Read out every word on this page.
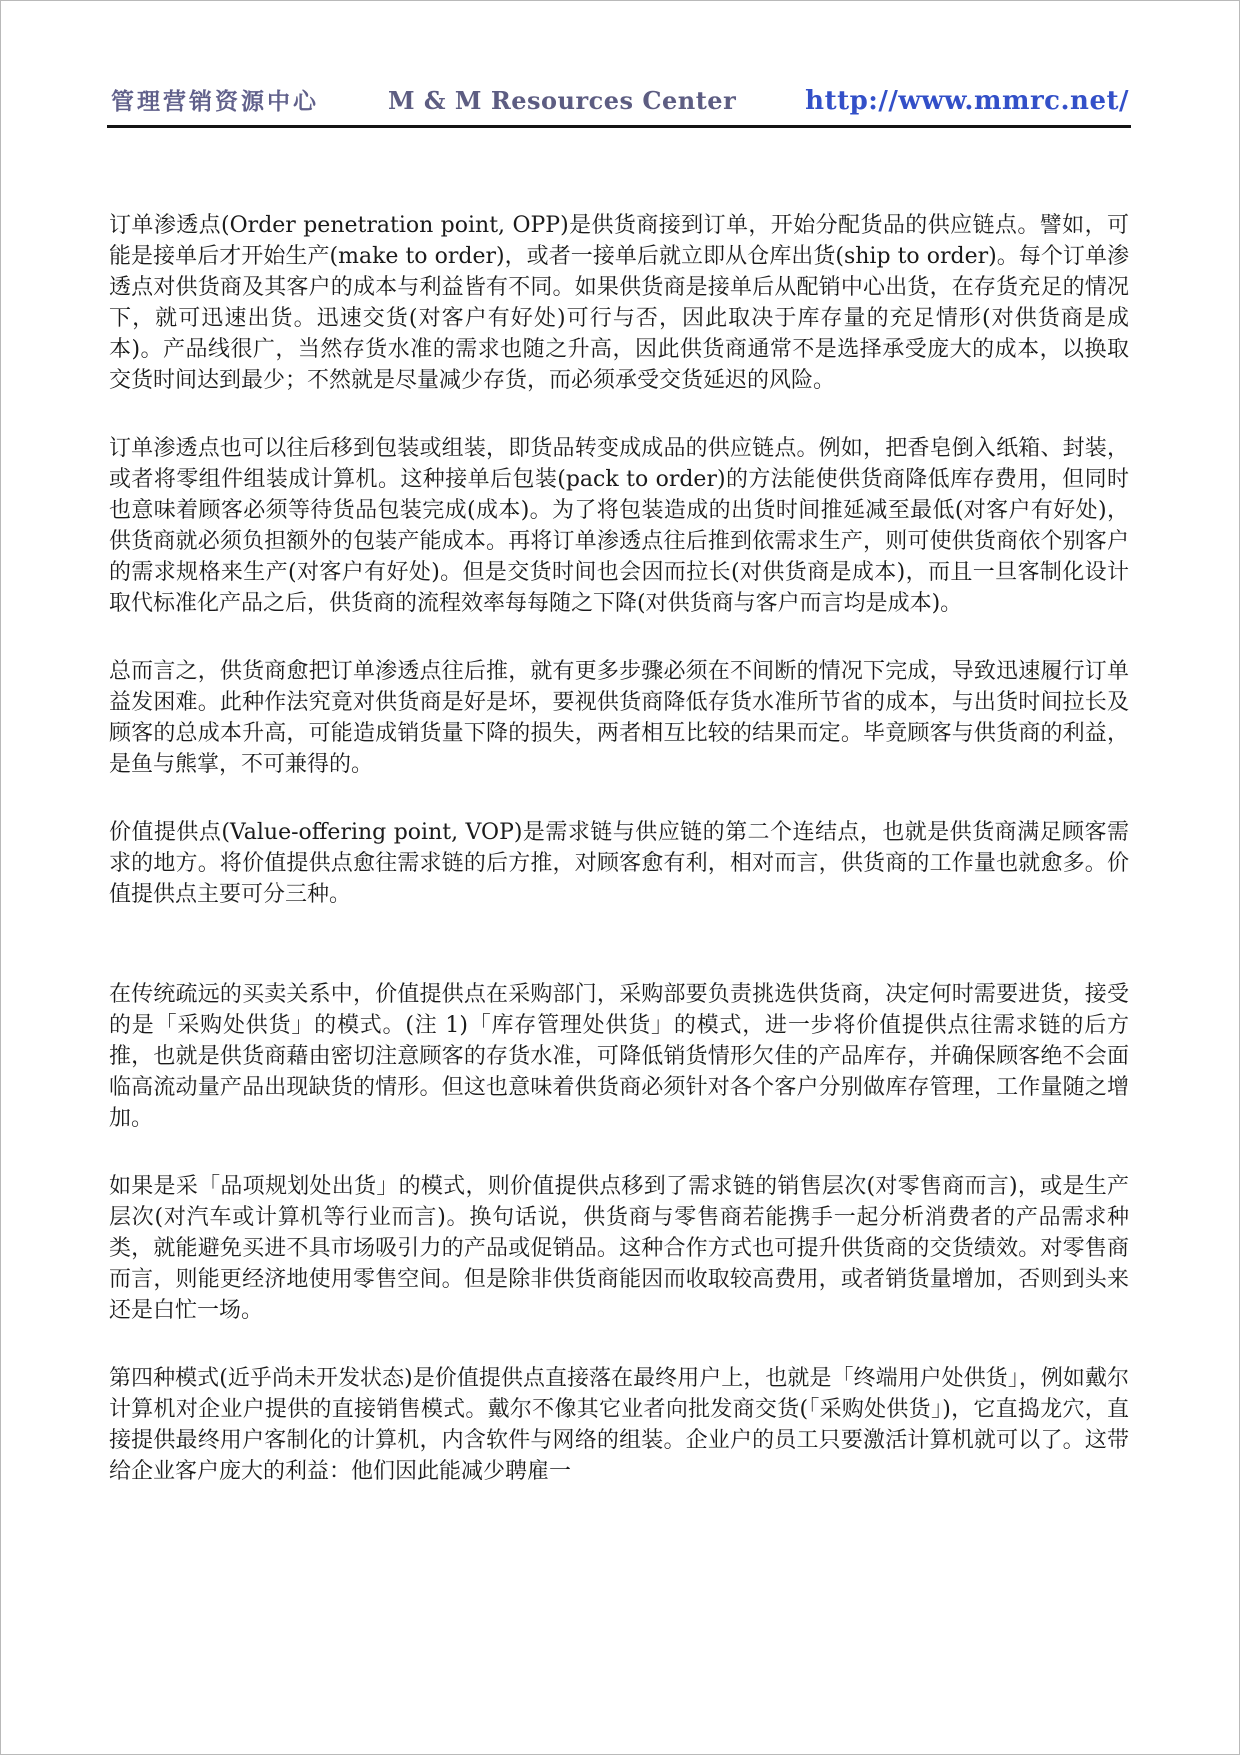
管理营销资源中心	M & M Resources Center	http://www.mmrc.net/

订单渗透点(Order penetration point, OPP)是供货商接到订单，开始分配货品的供应链点。譬如，可能是接单后才开始生产(make to order)，或者一接单后就立即从仓库出货(ship to order)。每个订单渗透点对供货商及其客户的成本与利益皆有不同。如果供货商是接单后从配销中心出货，在存货充足的情况下，就可迅速出货。迅速交货(对客户有好处)可行与否，因此取决于库存量的充足情形(对供货商是成本)。产品线很广，当然存货水准的需求也随之升高，因此供货商通常不是选择承受庞大的成本，以换取交货时间达到最少；不然就是尽量减少存货，而必须承受交货延迟的风险。

订单渗透点也可以往后移到包装或组装，即货品转变成成品的供应链点。例如，把香皂倒入纸箱、封装，或者将零组件组装成计算机。这种接单后包装(pack to order)的方法能使供货商降低库存费用，但同时也意味着顾客必须等待货品包装完成(成本)。为了将包装造成的出货时间推延减至最低(对客户有好处)，供货商就必须负担额外的包装产能成本。再将订单渗透点往后推到依需求生产，则可使供货商依个别客户的需求规格来生产(对客户有好处)。但是交货时间也会因而拉长(对供货商是成本)，而且一旦客制化设计取代标准化产品之后，供货商的流程效率每每随之下降(对供货商与客户而言均是成本)。

总而言之，供货商愈把订单渗透点往后推，就有更多步骤必须在不间断的情况下完成，导致迅速履行订单益发困难。此种作法究竟对供货商是好是坏，要视供货商降低存货水准所节省的成本，与出货时间拉长及顾客的总成本升高，可能造成销货量下降的损失，两者相互比较的结果而定。毕竟顾客与供货商的利益，是鱼与熊掌，不可兼得的。

价值提供点(Value-offering point, VOP)是需求链与供应链的第二个连结点，也就是供货商满足顾客需求的地方。将价值提供点愈往需求链的后方推，对顾客愈有利，相对而言，供货商的工作量也就愈多。价值提供点主要可分三种。

在传统疏远的买卖关系中，价值提供点在采购部门，采购部要负责挑选供货商，决定何时需要进货，接受的是「采购处供货」的模式。(注 1)「库存管理处供货」的模式，进一步将价值提供点往需求链的后方推，也就是供货商藉由密切注意顾客的存货水准，可降低销货情形欠佳的产品库存，并确保顾客绝不会面临高流动量产品出现缺货的情形。但这也意味着供货商必须针对各个客户分别做库存管理，工作量随之增加。

如果是采「品项规划处出货」的模式，则价值提供点移到了需求链的销售层次(对零售商而言)，或是生产层次(对汽车或计算机等行业而言)。换句话说，供货商与零售商若能携手一起分析消费者的产品需求种类，就能避免买进不具市场吸引力的产品或促销品。这种合作方式也可提升供货商的交货绩效。对零售商而言，则能更经济地使用零售空间。但是除非供货商能因而收取较高费用，或者销货量增加，否则到头来还是白忙一场。

第四种模式(近乎尚未开发状态)是价值提供点直接落在最终用户上，也就是「终端用户处供货」，例如戴尔计算机对企业户提供的直接销售模式。戴尔不像其它业者向批发商交货(「采购处供货」)，它直捣龙穴，直接提供最终用户客制化的计算机，内含软件与网络的组装。企业户的员工只要激活计算机就可以了。这带给企业客户庞大的利益：他们因此能减少聘雇一
